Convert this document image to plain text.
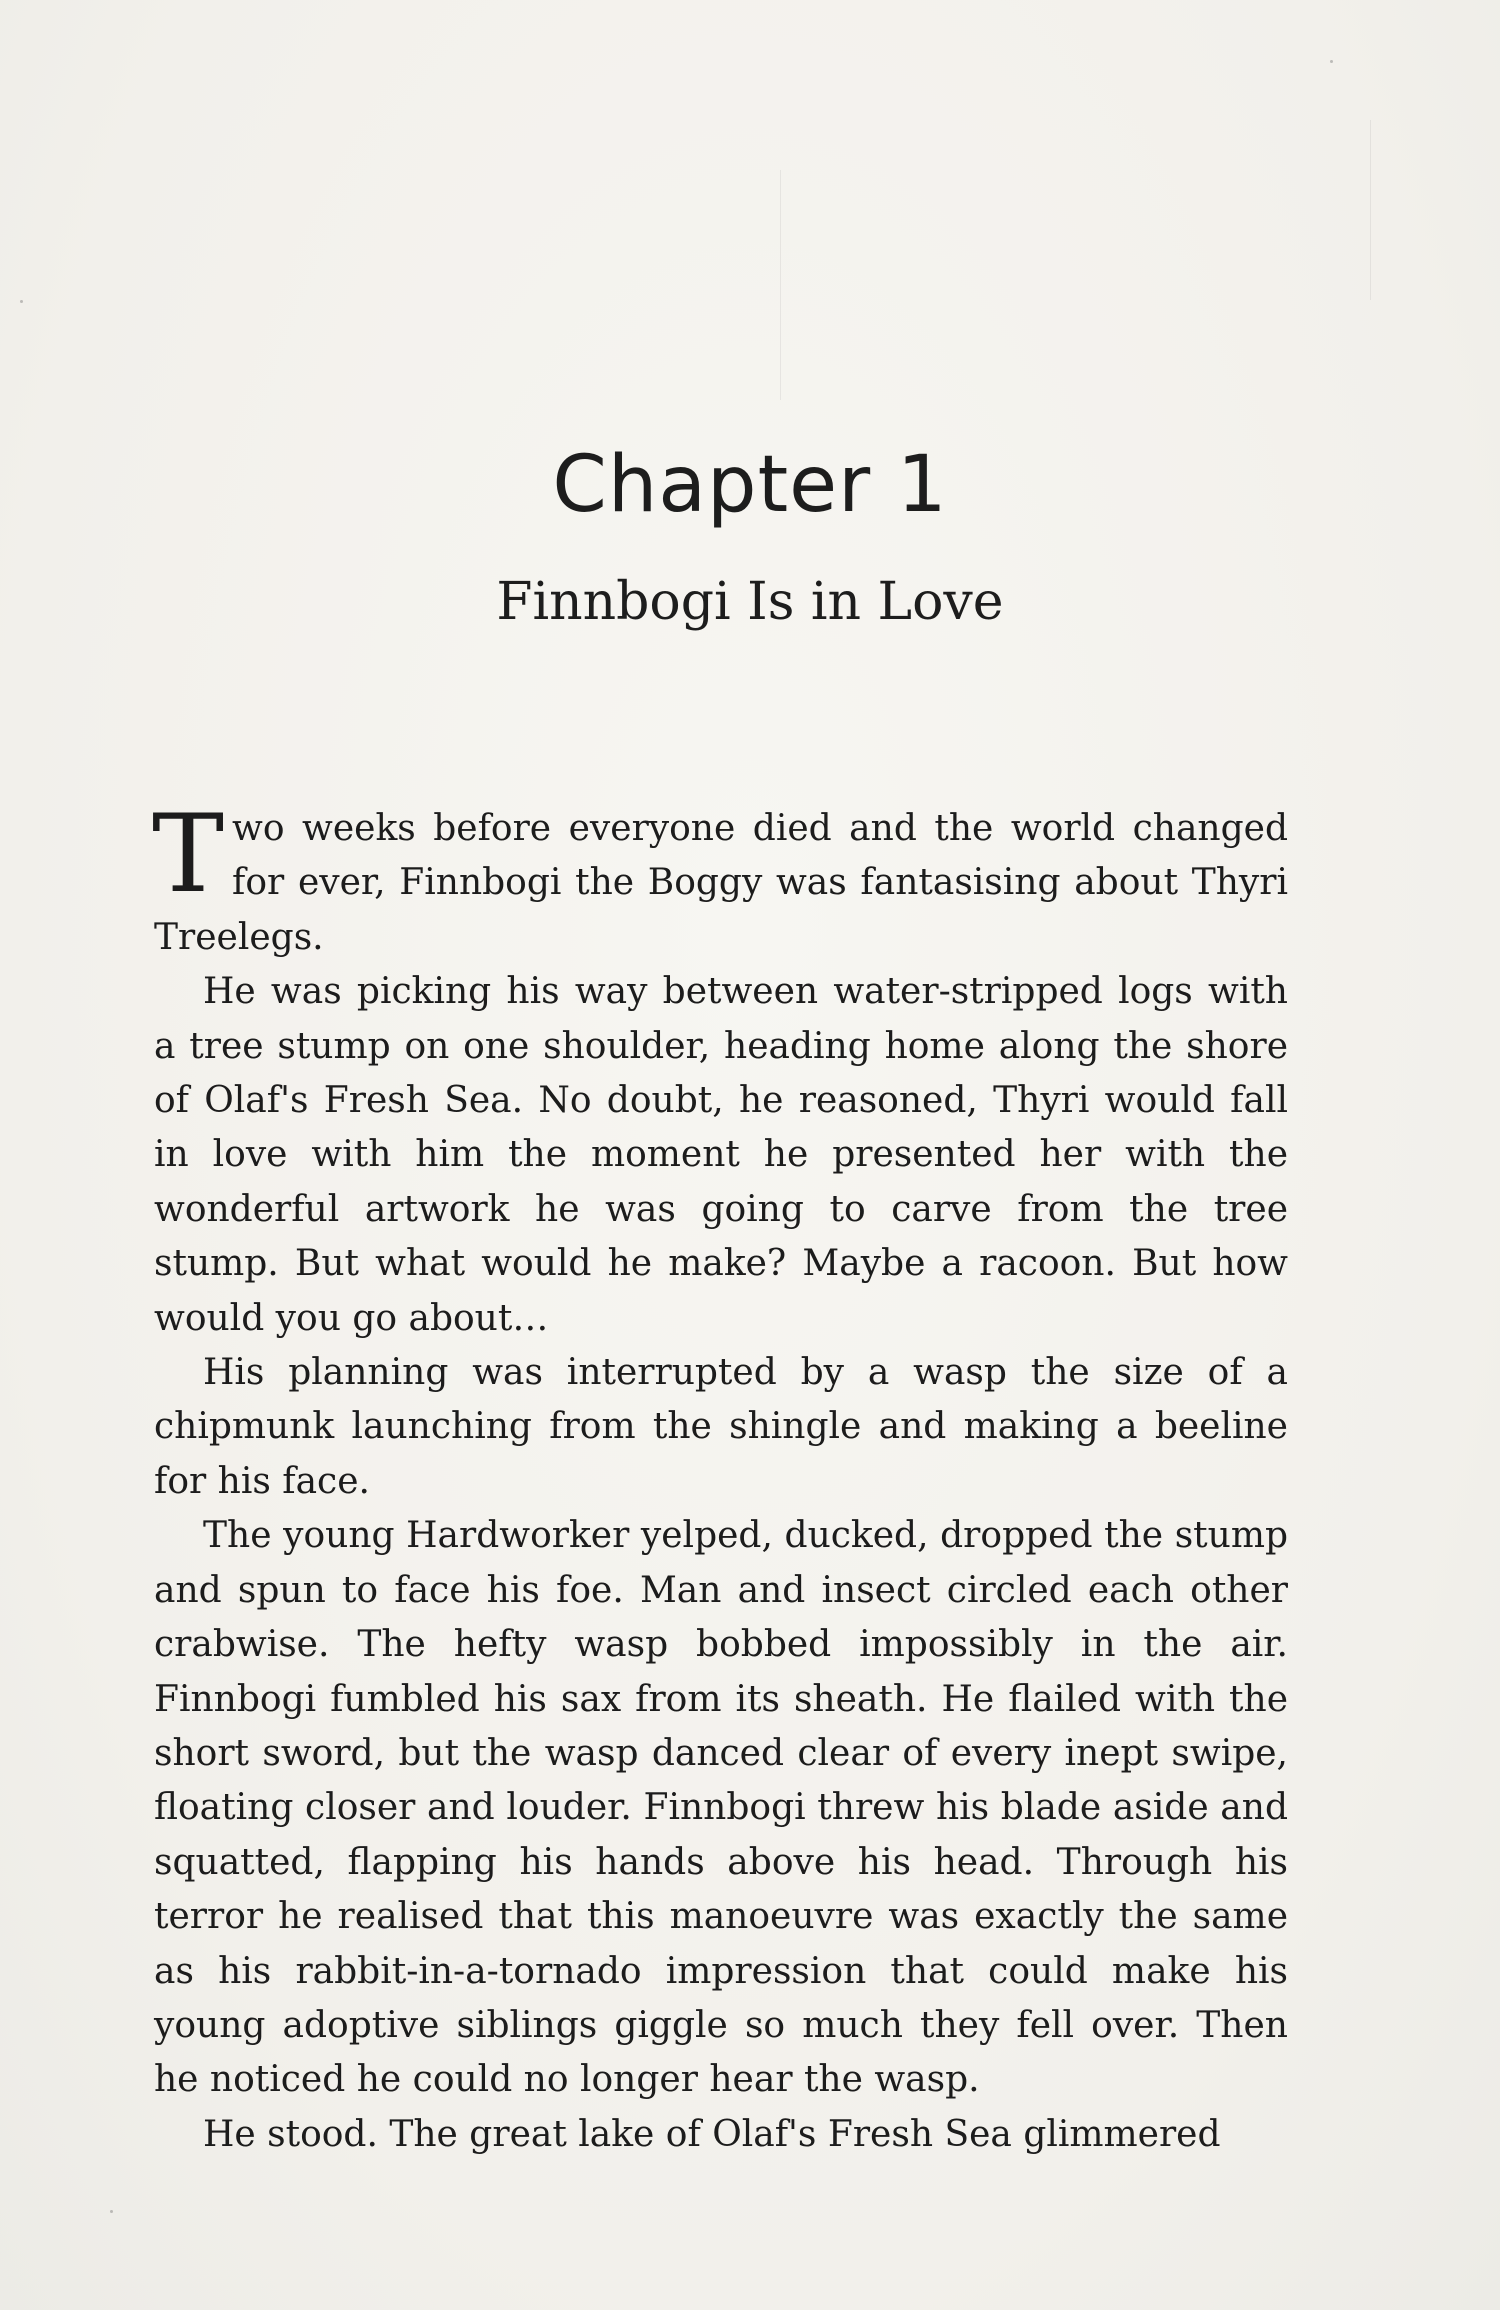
Chapter 1
Finnbogi Is in Love

Two weeks before everyone died and the world changed for ever, Finnbogi the Boggy was fantasising about Thyri Treelegs.

He was picking his way between water-stripped logs with a tree stump on one shoulder, heading home along the shore of Olaf's Fresh Sea. No doubt, he reasoned, Thyri would fall in love with him the moment he presented her with the wonderful artwork he was going to carve from the tree stump. But what would he make? Maybe a racoon. But how would you go about…

His planning was interrupted by a wasp the size of a chipmunk launching from the shingle and making a beeline for his face.

The young Hardworker yelped, ducked, dropped the stump and spun to face his foe. Man and insect circled each other crabwise. The hefty wasp bobbed impossibly in the air. Finnbogi fumbled his sax from its sheath. He flailed with the short sword, but the wasp danced clear of every inept swipe, floating closer and louder. Finnbogi threw his blade aside and squatted, flapping his hands above his head. Through his terror he realised that this manoeuvre was exactly the same as his rabbit-in-a-tornado impression that could make his young adoptive siblings giggle so much they fell over. Then he noticed he could no longer hear the wasp.

He stood. The great lake of Olaf's Fresh Sea glimmered
